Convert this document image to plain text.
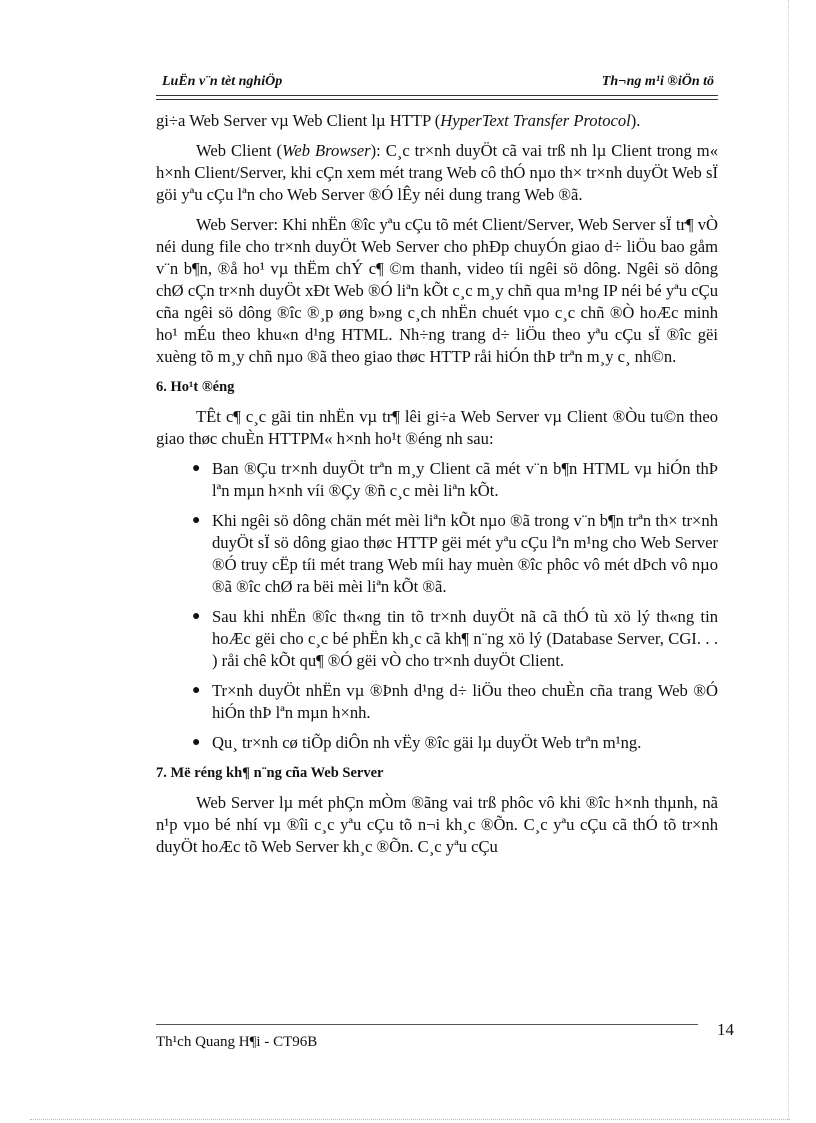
LuËn v¨n tèt nghiÖp	Th¬ng m¹i ®iÖn tö

gi÷a Web Server vµ Web Client lµ HTTP (HyperText Transfer Protocol).

Web Client (Web Browser): C¸c tr×nh duyÖt cã vai trß nh lµ Client trong m« h×nh Client/Server, khi cÇn xem mét trang Web cô thÓ nµo th× tr×nh duyÖt Web sÏ göi yªu cÇu lªn cho Web Server ®Ó lÊy néi dung trang Web ®ã.

Web Server: Khi nhËn ®îc yªu cÇu tõ mét Client/Server, Web Server sÏ tr¶ vÒ néi dung file cho tr×nh duyÖt Web Server cho phÐp chuyÓn giao d÷ liÖu bao gåm v¨n b¶n, ®å ho¹ vµ thËm chÝ c¶ ©m thanh, video tíi ngêi sö dông. Ngêi sö dông chØ cÇn tr×nh duyÖt xÐt Web ®Ó liªn kÕt c¸c m¸y chñ qua m¹ng IP néi bé yªu cÇu cña ngêi sö dông ®îc ®¸p øng b»ng c¸ch nhËn chuét vµo c¸c chñ ®Ò hoÆc minh ho¹ mÉu theo khu«n d¹ng HTML. Nh÷ng trang d÷ liÖu theo yªu cÇu sÏ ®îc gëi xuèng tõ m¸y chñ nµo ®ã theo giao thøc HTTP råi hiÓn thÞ trªn m¸y c¸ nh©n.

6. Ho¹t ®éng

TÊt c¶ c¸c gãi tin nhËn vµ tr¶ lêi gi÷a Web Server vµ Client ®Òu tu©n theo giao thøc chuÈn HTTPM« h×nh ho¹t ®éng nh sau:

● Ban ®Çu tr×nh duyÖt trªn m¸y Client cã mét v¨n b¶n HTML vµ hiÓn thÞ lªn mµn h×nh víi ®Çy ®ñ c¸c mèi liªn kÕt.
● Khi ngêi sö dông chän mét mèi liªn kÕt nµo ®ã trong v¨n b¶n trªn th× tr×nh duyÖt sÏ sö dông giao thøc HTTP gëi mét yªu cÇu lªn m¹ng cho Web Server ®Ó truy cËp tíi mét trang Web míi hay muèn ®îc phôc vô mét dÞch vô nµo ®ã ®îc chØ ra bëi mèi liªn kÕt ®ã.
● Sau khi nhËn ®îc th«ng tin tõ tr×nh duyÖt nã cã thÓ tù xö lý th«ng tin hoÆc gëi cho c¸c bé phËn kh¸c cã kh¶ n¨ng xö lý (Database Server, CGI. . . ) råi chê kÕt qu¶ ®Ó gëi vÒ cho tr×nh duyÖt Client.
● Tr×nh duyÖt nhËn vµ ®Þnh d¹ng d÷ liÖu theo chuÈn cña trang Web ®Ó hiÓn thÞ lªn mµn h×nh.
● Qu¸ tr×nh cø tiÕp diÔn nh vËy ®îc gäi lµ duyÖt Web trªn m¹ng.
7. Më réng kh¶ n¨ng cña Web Server

Web Server lµ mét phÇn mÒm ®ãng vai trß phôc vô khi ®îc h×nh thµnh, nã n¹p vµo bé nhí vµ ®îi c¸c yªu cÇu tõ n¬i kh¸c ®Õn. C¸c yªu cÇu cã thÓ tõ tr×nh duyÖt hoÆc tõ Web Server kh¸c ®Õn. C¸c yªu cÇu

14
Th¹ch Quang H¶i - CT96B
